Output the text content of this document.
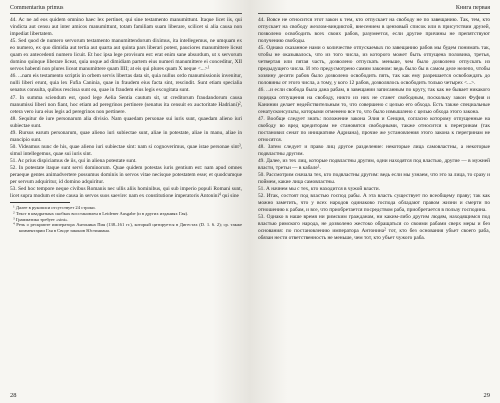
Commentarius primus

44. Ac ne ad eos quidem omnino haec lex pertinet, qui sine testamento manumittunt. Itaque licet iis, qui vindicta aut censu aut inter amicos manumittunt, totam familiam suam liberare, scilicet si alia causa non impediat libertatem.

45. Sed quod de numero servorum testamento manumittendorum diximus, ita intellegemus, ne umquam ex eo numero, ex quo dimidia aut tertia aut quarta aut quinta pars liberari potest, pauciores manumittere liceat quam ex antecedenti numero licuit. Et hoc ipsa lege provisum est: erat enim sane absurdum, ut x servorum domino quinque liberare liceat, quia usque ad dimidiam partem eius numeri manumittere ei conceditur, XII servos habenti non plures liceat manumittere quam IIII; at eis qui plures quam X neque <...>$^1$

46. ...nam eis testamento scriptis in orbem servis libertas data sit, quia nullus ordo manumissionis invenitur, nulli liberi erunt, quia lex Fufia Caninia, quae in fraudem eius facta sint, rescindit. Sunt etiam specialia senatus consulta, quibus rescissa sunt ea, quae in fraudem eius legis excogitata sunt.

47. In summa sciendum est, quod lege Aelia Sentia cautum sit, ut creditorum fraudandorum causa manumissi liberi non fiant, hoc etiam ad peregrinos pertinere (senatus ita censuit ex auctoritate Hadriani)$^2$, cetera vero iura eius legis ad peregrinos non pertinere.

48. Sequitur de iure personarum alia divisio. Nam quaedam personae sui iuris sunt, quaedam alieno iuri subiectae sunt.

49. Rursus earum personarum, quae alieno iuri subiectae sunt, aliae in potestate, aliae in manu, aliae in mancipio sunt.

50. Videamus nunc de his, quae alieno iuri subiectae sint: nam si cognoverimus, quae istae personae sint$^3$, simul intellegemus, quae sui iuris sint.

51. Ac prius dispiciamus de iis, qui in aliena potestate sunt.

52. In potestate itaque sunt servi dominorum. Quae quidem potestas iuris gentium est: nam apud omnes peraeque gentes animadvertere possumus dominis in servos vitae necisque potestatem esse; et quodcumque per servum adquiritur, id domino adquiritur.

53. Sed hoc tempore neque civibus Romanis nec ullis aliis hominibus, qui sub imperio populi Romani sunt, licet supra modum et sine causa in servos suos saevire: nam ex constitutione imperatoris Antonini$^4$ qui sine

$^1$ Далее в рукописи отсутствует 24 строки.

$^2$ Текст в квадратных скобках восстановлен в Leidener Ausgabe (и в других изданиях Гая).

$^3$ Грамматика требует «sint».

$^4$ Речь о рескрипте императора Антонина Пия (138–161 гг.), который цитируется в Дигестах (D. 1. 6. 2); ср. также комментарии Гая в Своде законов Юстиниана.

28
Книга первая

44. Вовсе не относится этот закон к тем, кто отпускает на свободу не по завещанию. Так, тем, кто отпускает на свободу жезлом-виндиктой, внесением в цензовый список или в присутствии друзей, позволено освободить всех своих рабов, разумеется, если другие причины не препятствуют получению свободы.

45. Однако сказанное нами о количестве отпускаемых по завещанию рабов мы будем понимать так, чтобы не оказывалось, что из того числа, из которого может быть отпущена половина, третья, четвертая или пятая часть, дозволено отпускать меньше, чем было дозволено отпускать из предыдущего числа. И это предусмотрено самим законом: ведь было бы в самом деле нелепо, чтобы хозяину десяти рабов было дозволено освободить пять, так как ему разрешается освобождать до половины от этого числа, а тому, у кого 12 рабов, дозволялось освободить только четырех <...>.

46. ...и если свобода была дана рабам, в завещании записанным по кругу, так как не бывает никакого порядка отпущения на свободу, никто из них не станет свободным, поскольку закон Фуфия и Канинии делает недействительным то, что совершено с целью его обхода. Есть также специальные сенатусконсульты, которыми отменено все то, что было измышлено с целью обхода этого закона.

47. Вообще следует знать: положение закона Элия и Сенция, согласно которому отпущенные на свободу во вред кредиторам не становятся свободными, также относится к перегринам (так постановил сенат по инициативе Адриана), прочие же установления этого закона к перегринам не относятся.

48. Затем следует и право лиц другое разделение: некоторые лица самовластны, а некоторые подвластны другим.

49. Далее, из тех лиц, которые подвластны другим, одни находятся под властью, другие — в мужней власти, третьи — в кабале$^1$.

50. Рассмотрим сначала тех, кто подвластны другим: ведь если мы узнаем, что это за лица, то сразу и поймем, какие лица самовластны.

51. А начнем мы с тех, кто находится в чужой власти.

52. Итак, состоят под властью господ рабы. А эта власть существует по всеобщему праву; так как можно заметить, что у всех народов одинаково господа обладают правом жизни и смерти по отношению к рабам, и все, что приобретается посредством раба, приобретается в пользу господина.

53. Однако в наше время ни римским гражданам, ни каким-либо другим людям, находящимся под властью римского народа, не дозволено жестоко обращаться со своими рабами сверх меры и без основания: по постановлению императора Антонина$^2$ тот, кто без основания убьет своего раба, обязан нести ответственность не меньше, чем тот, кто убьет чужого раба.

29
